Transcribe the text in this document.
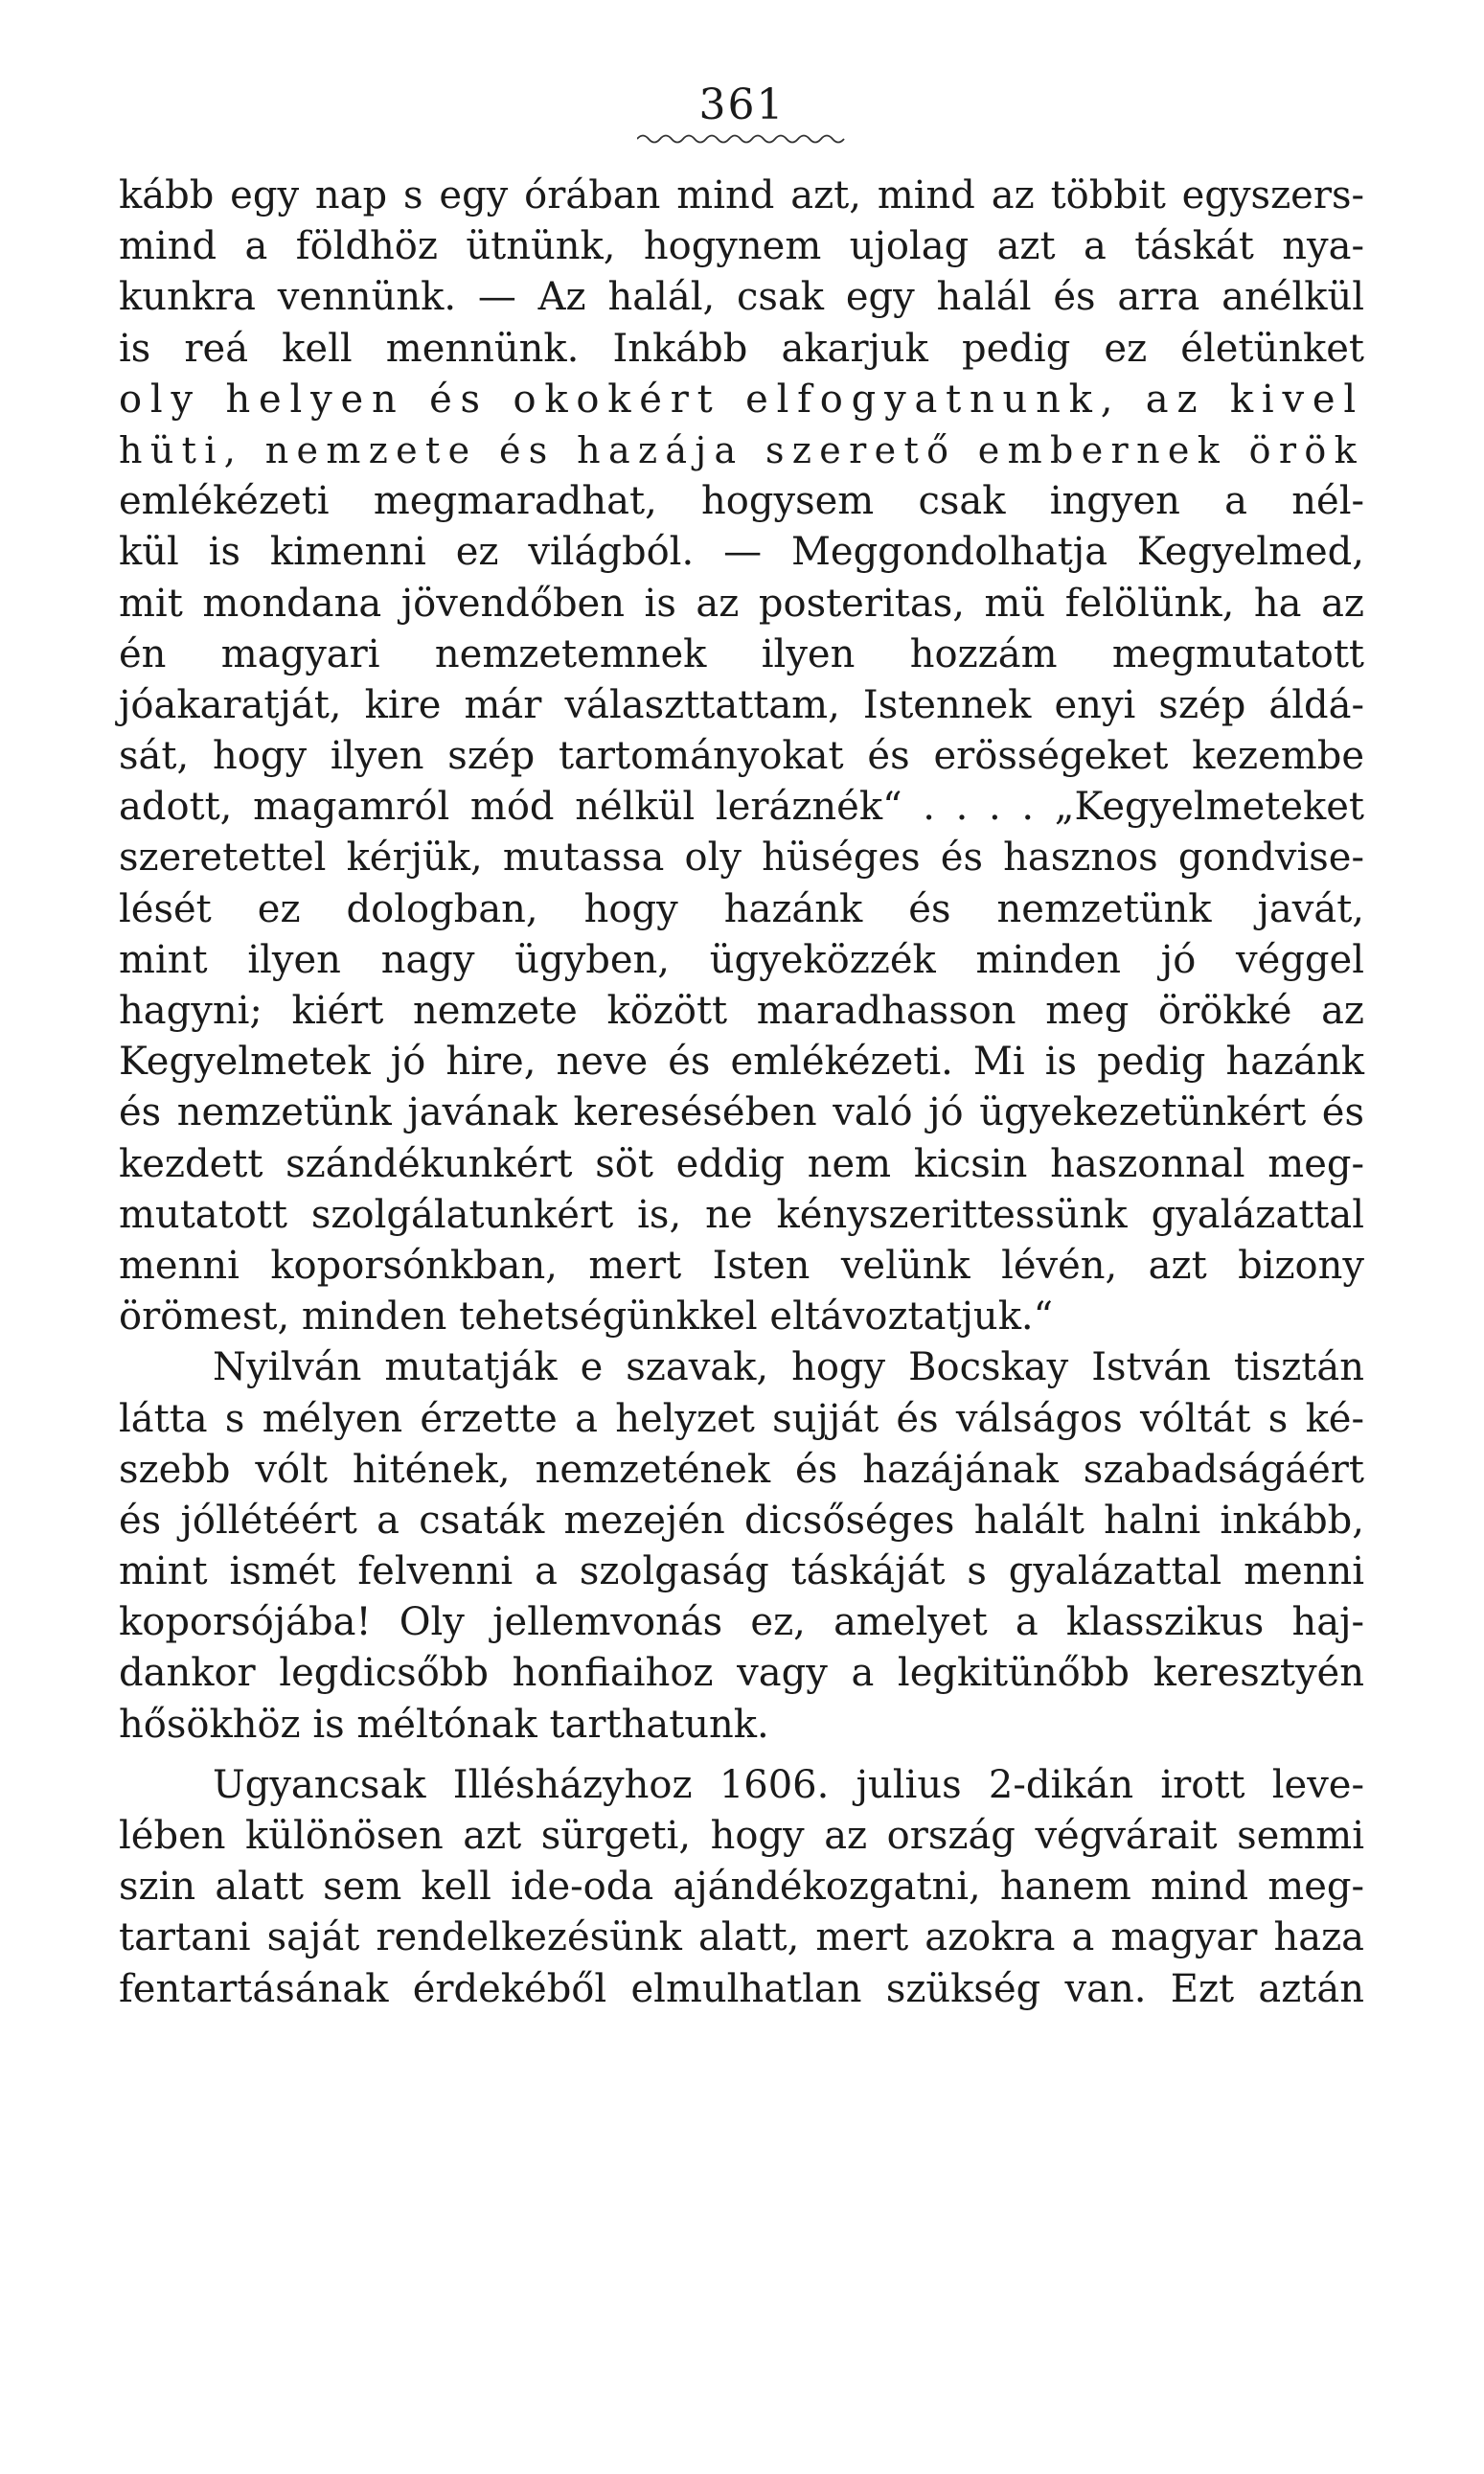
361
kább egy nap s egy órában mind azt, mind az többit egyszers-
mind a földhöz ütnünk, hogynem ujolag azt a táskát nya-
kunkra vennünk. — Az halál, csak egy halál és arra anélkül
is reá kell mennünk. Inkább akarjuk pedig ez életünket
oly helyen és okokért elfogyatnunk, az kivel
hüti, nemzete és hazája szerető embernek örök
emlékézeti megmaradhat, hogysem csak ingyen a nél-
kül is kimenni ez világból. — Meggondolhatja Kegyelmed,
mit mondana jövendőben is az posteritas, mü felölünk, ha az
én magyari nemzetemnek ilyen hozzám megmutatott
jóakaratját, kire már választtattam, Istennek enyi szép áldá-
sát, hogy ilyen szép tartományokat és erösségeket kezembe
adott, magamról mód nélkül leráznék“ . . . . „Kegyelmeteket
szeretettel kérjük, mutassa oly hüséges és hasznos gondvise-
lését ez dologban, hogy hazánk és nemzetünk javát,
mint ilyen nagy ügyben, ügyeközzék minden jó véggel
hagyni; kiért nemzete között maradhasson meg örökké az
Kegyelmetek jó hire, neve és emlékézeti. Mi is pedig hazánk
és nemzetünk javának keresésében való jó ügyekezetünkért és
kezdett szándékunkért söt eddig nem kicsin haszonnal meg-
mutatott szolgálatunkért is, ne kényszerittessünk gyalázattal
menni koporsónkban, mert Isten velünk lévén, azt bizony
örömest, minden tehetségünkkel eltávoztatjuk.“
Nyilván mutatják e szavak, hogy Bocskay István tisztán
látta s mélyen érzette a helyzet sujját és válságos vóltát s ké-
szebb vólt hitének, nemzetének és hazájának szabadságáért
és jóllétéért a csaták mezején dicsőséges halált halni inkább,
mint ismét felvenni a szolgaság táskáját s gyalázattal menni
koporsójába! Oly jellemvonás ez, amelyet a klasszikus haj-
dankor legdicsőbb honfiaihoz vagy a legkitünőbb keresztyén
hősökhöz is méltónak tarthatunk.
Ugyancsak Illésházyhoz 1606. julius 2-dikán irott leve-
lében különösen azt sürgeti, hogy az ország végvárait semmi
szin alatt sem kell ide-oda ajándékozgatni, hanem mind meg-
tartani saját rendelkezésünk alatt, mert azokra a magyar haza
fentartásának érdekéből elmulhatlan szükség van. Ezt aztán
